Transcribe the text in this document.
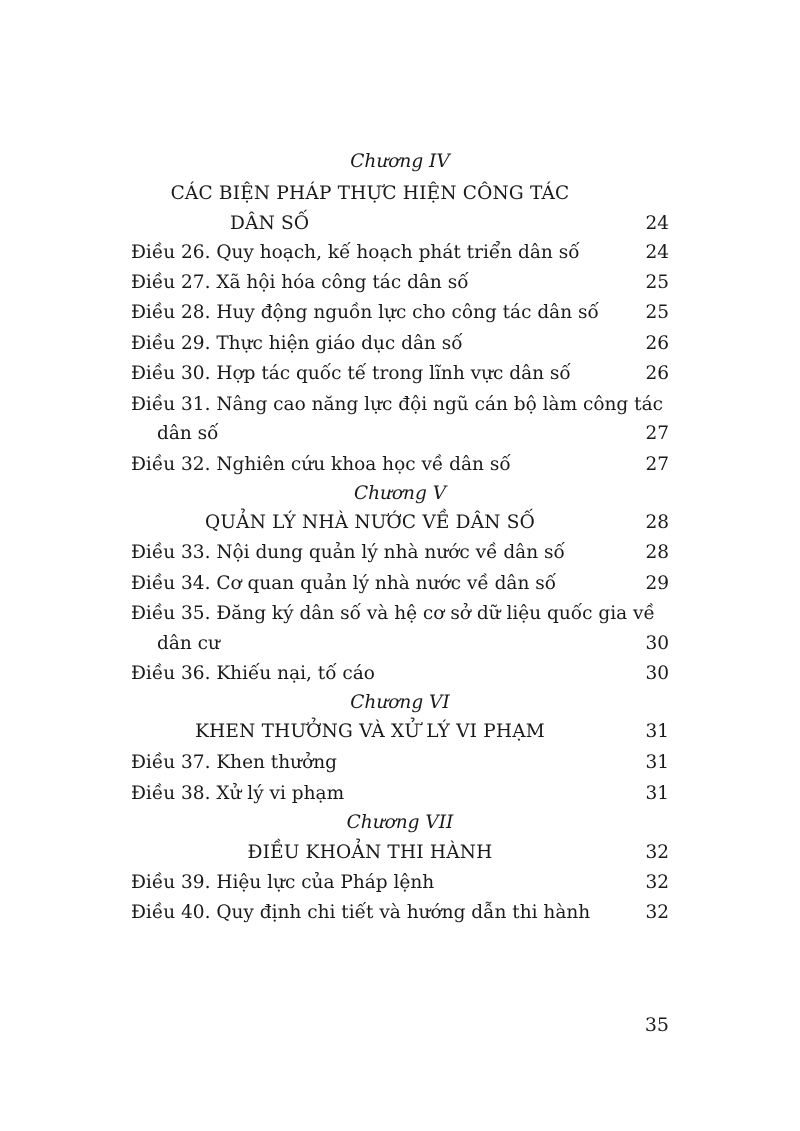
Chương IV
CÁC BIỆN PHÁP THỰC HIỆN CÔNG TÁC
DÂN SỐ	24
Điều 26. Quy hoạch, kế hoạch phát triển dân số	24
Điều 27. Xã hội hóa công tác dân số	25
Điều 28. Huy động nguồn lực cho công tác dân số	25
Điều 29. Thực hiện giáo dục dân số	26
Điều 30. Hợp tác quốc tế trong lĩnh vực dân số	26
Điều 31. Nâng cao năng lực đội ngũ cán bộ làm công tác
dân số	27
Điều 32. Nghiên cứu khoa học về dân số	27
Chương V
QUẢN LÝ NHÀ NƯỚC VỀ DÂN SỐ	28
Điều 33. Nội dung quản lý nhà nước về dân số	28
Điều 34. Cơ quan quản lý nhà nước về dân số	29
Điều 35. Đăng ký dân số và hệ cơ sở dữ liệu quốc gia về
dân cư	30
Điều 36. Khiếu nại, tố cáo	30
Chương VI
KHEN THƯỞNG VÀ XỬ LÝ VI PHẠM	31
Điều 37. Khen thưởng	31
Điều 38. Xử lý vi phạm	31
Chương VII
ĐIỀU KHOẢN THI HÀNH	32
Điều 39. Hiệu lực của Pháp lệnh	32
Điều 40. Quy định chi tiết và hướng dẫn thi hành	32
35
